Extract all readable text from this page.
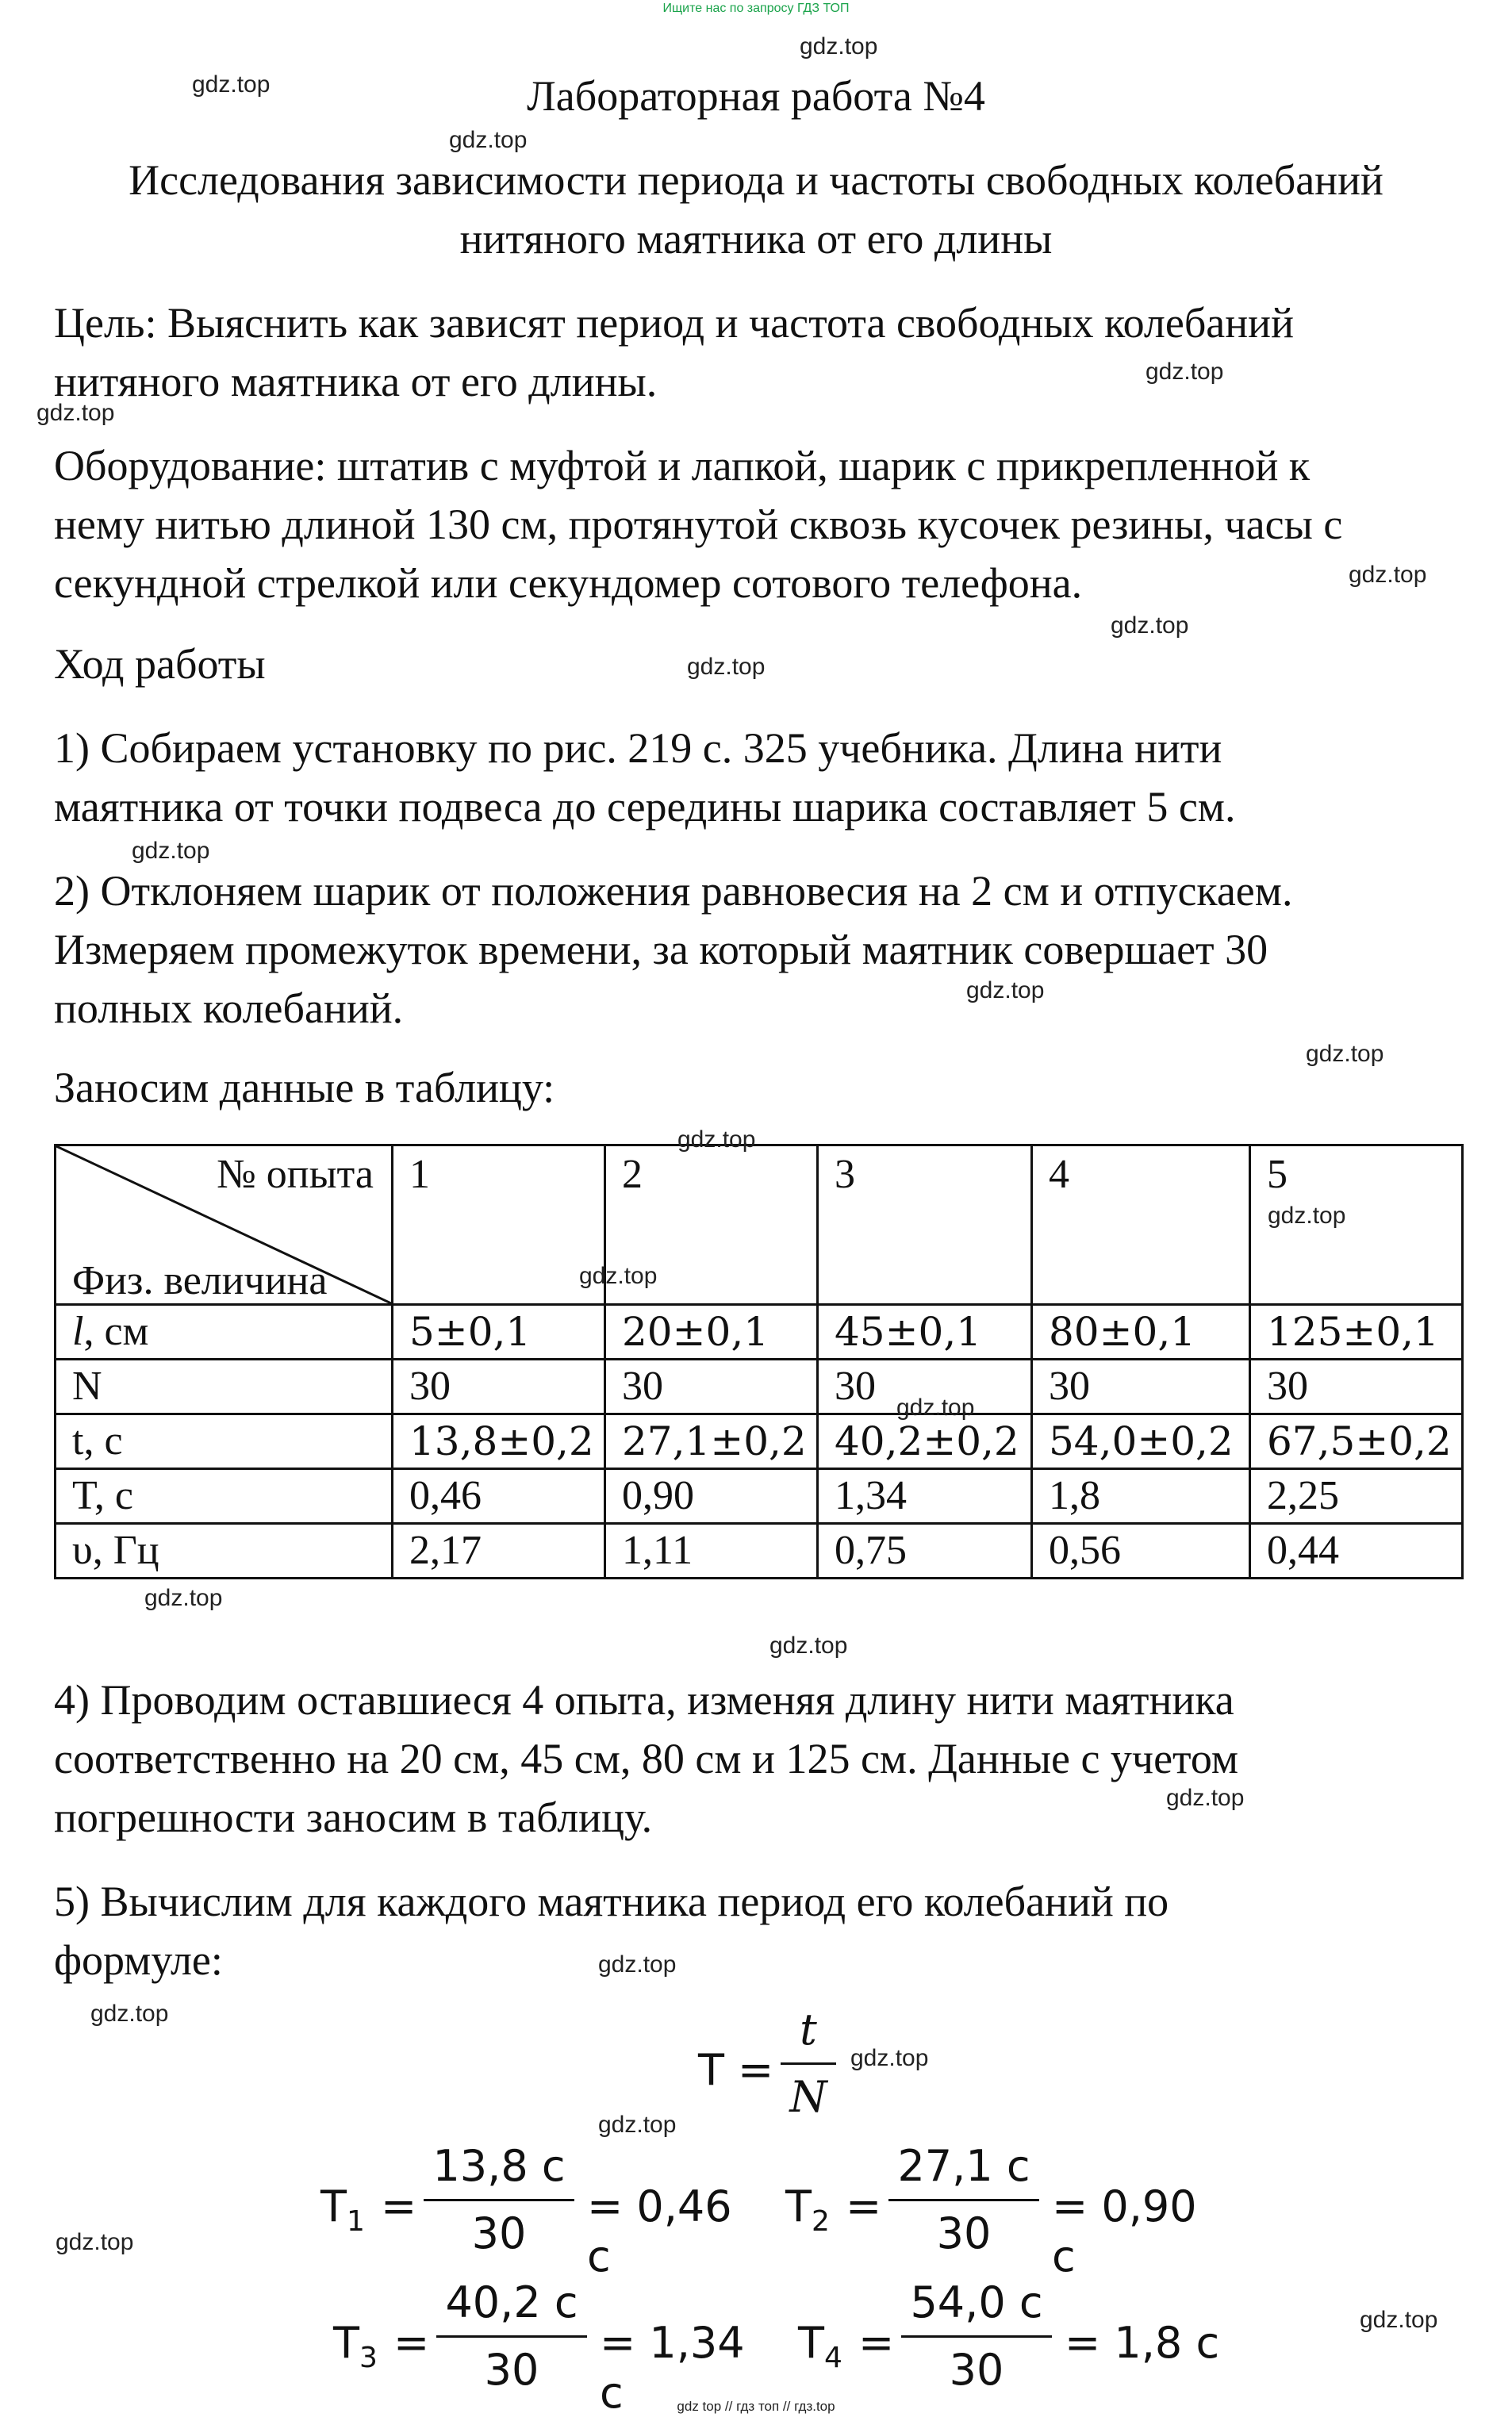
Ищите нас по запросу ГДЗ ТОП
gdz.top
gdz.top
gdz.top
gdz.top
gdz.top
gdz.top
gdz.top
gdz.top
gdz.top
gdz.top
gdz.top
gdz.top
gdz.top
gdz.top
gdz.top
gdz.top
gdz.top
gdz.top
gdz.top
gdz.top
gdz.top
gdz.top
gdz.top
gdz.top
gdz top // гдз топ // гдз.top

Лабораторная работа №4

Исследования зависимости периода и частоты свободных колебаний

нитяного маятника от его длины

Цель: Выяснить как зависят период и частота свободных колебаний

нитяного маятника от его длины.

Оборудование: штатив с муфтой и лапкой, шарик с прикрепленной к

нему нитью длиной 130 см, протянутой сквозь кусочек резины, часы с

секундной стрелкой или секундомер сотового телефона.

Ход работы

1) Собираем установку по рис. 219 с. 325 учебника. Длина нити

маятника от точки подвеса до середины шарика составляет 5 см.

2) Отклоняем шарик от положения равновесия на 2 см и отпускаем.

Измеряем промежуток времени, за который маятник совершает 30

полных колебаний.

Заносим данные в таблицу:

№ опыта
Физ. величина	1	2	3	4	5
l, см	5±0,1	20±0,1	45±0,1	80±0,1	125±0,1
N	30	30	30	30	30
t, с	13,8±0,2	27,1±0,2	40,2±0,2	54,0±0,2	67,5±0,2
T, с	0,46	0,90	1,34	1,8	2,25
υ, Гц	2,17	1,11	0,75	0,56	0,44

4) Проводим оставшиеся 4 опыта, изменяя длину нити маятника

соответственно на 20 см, 45 см, 80 см и 125 см. Данные с учетом

погрешности заносим в таблицу.

5) Вычислим для каждого маятника период его колебаний по

формуле:

T =
t
N
$T_1$ =
13,8 с
30
= 0,46 с
$T_2$ =
27,1 с
30
= 0,90 с
$T_3$ =
40,2 с
30
= 1,34 с
$T_4$ =
54,0 с
30
= 1,8 с
